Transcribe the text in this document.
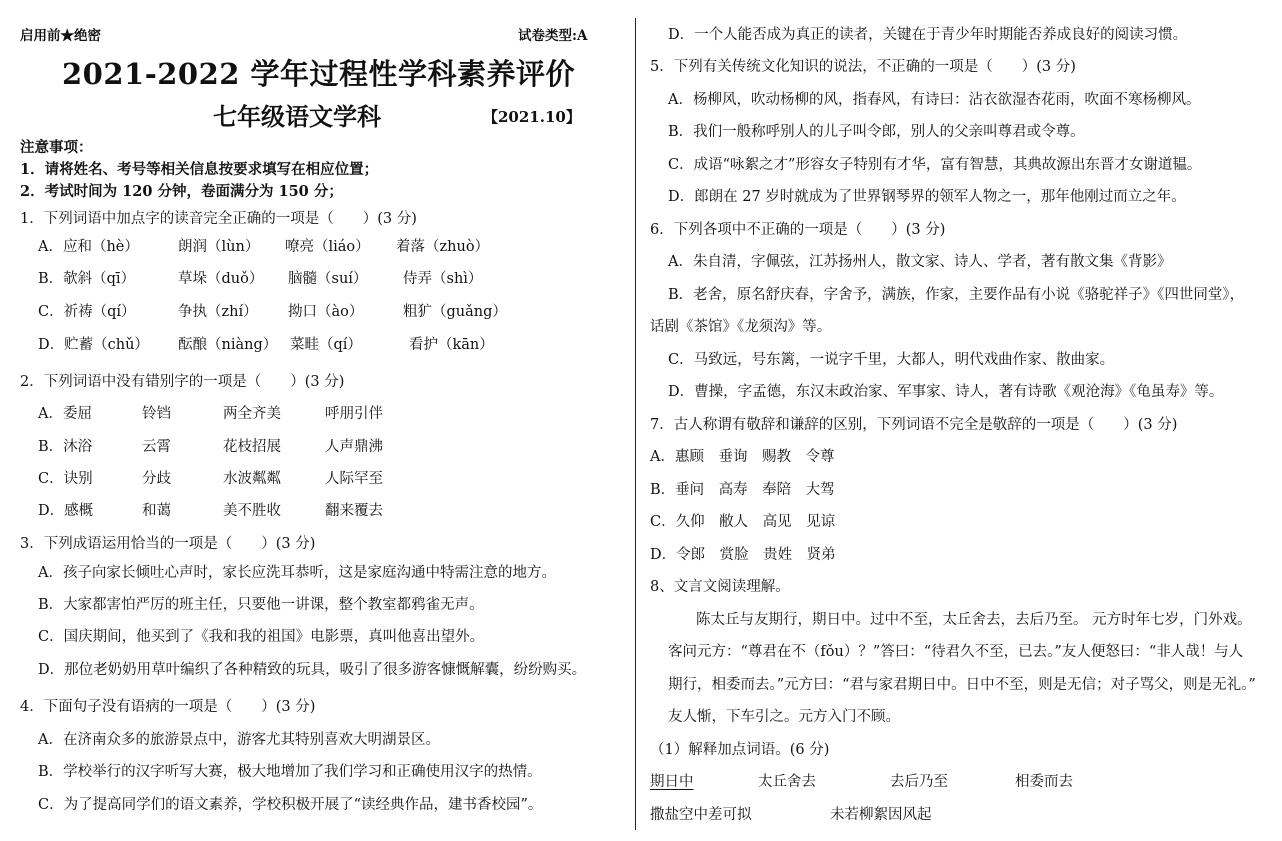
启用前★绝密	试卷类型:A
2021-2022 学年过程性学科素养评价
七年级语文学科	【2021.10】
注意事项：
1．请将姓名、考号等相关信息按要求填写在相应位置；
2．考试时间为 120 分钟，卷面满分为 150 分；
1．下列词语中加点字的读音完全正确的一项是（　　）(3 分)
A．应和（hè）	朗润（lùn） 嘹亮（liáo） 着落（zhuò）
B．欹斜（qī）	草垛（duǒ） 脑髓（suí） 侍弄（shì）
C．祈祷（qí）	争执（zhí） 拗口（ào）	粗犷（guǎng）
D．贮蓄（chǔ） 酝酿（niàng） 菜畦（qí）	看护（kān）
2．下列词语中没有错别字的一项是（　　）(3 分)
A．委屈	铃铛	两全齐美	呼朋引伴
B．沐浴	云霄	花枝招展	人声鼎沸
C．诀别	分歧	水波粼粼	人际罕至
D．感概	和蔼	美不胜收	翻来覆去
3．下列成语运用恰当的一项是（　　）(3 分)
A．孩子向家长倾吐心声时，家长应洗耳恭听，这是家庭沟通中特需注意的地方。
B．大家都害怕严厉的班主任，只要他一讲课，整个教室都鸦雀无声。
C．国庆期间，他买到了《我和我的祖国》电影票，真叫他喜出望外。
D．那位老奶奶用草叶编织了各种精致的玩具，吸引了很多游客慷慨解囊，纷纷购买。
4．下面句子没有语病的一项是（　　）(3 分)
A．在济南众多的旅游景点中，游客尤其特别喜欢大明湖景区。
B．学校举行的汉字听写大赛，极大地增加了我们学习和正确使用汉字的热情。
C．为了提高同学们的语文素养，学校积极开展了“读经典作品，建书香校园”。
D．一个人能否成为真正的读者，关键在于青少年时期能否养成良好的阅读习惯。
5．下列有关传统文化知识的说法，不正确的一项是（　　）(3 分)
A．杨柳风，吹动杨柳的风，指春风，有诗曰：沾衣欲湿杏花雨，吹面不寒杨柳风。
B．我们一般称呼别人的儿子叫令郎，别人的父亲叫尊君或令尊。
C．成语“咏絮之才”形容女子特别有才华，富有智慧，其典故源出东晋才女谢道韫。
D．郎朗在 27 岁时就成为了世界钢琴界的领军人物之一，那年他刚过而立之年。
6．下列各项中不正确的一项是（　　）(3 分)
A．朱自清，字佩弦，江苏扬州人，散文家、诗人、学者，著有散文集《背影》
B．老舍，原名舒庆春，字舍予，满族，作家，主要作品有小说《骆驼祥子》《四世同堂》，
话剧《茶馆》《龙须沟》等。
C．马致远，号东篱，一说字千里，大都人，明代戏曲作家、散曲家。
D．曹操，字孟德，东汉末政治家、军事家、诗人，著有诗歌《观沧海》《龟虽寿》等。
7．古人称谓有敬辞和谦辞的区别，下列词语不完全是敬辞的一项是（　　）(3 分)
A．惠顾　垂询　赐教　令尊
B．垂问　高寿　奉陪　大驾
C．久仰　敝人　高见　见谅
D．令郎　赏脸　贵姓　贤弟
8、文言文阅读理解。
陈太丘与友期行，期日中。过中不至，太丘舍去，去后乃至。 元方时年七岁，门外戏。
客问元方：“尊君在不（fǒu）？”答曰：“待君久不至，已去。”友人便怒曰：“非人哉！与人
期行，相委而去。”元方曰：“君与家君期日中。日中不至，则是无信；对子骂父，则是无礼。”
友人惭，下车引之。元方入门不顾。
（1）解释加点词语。(6 分)
期日中	太丘舍去	去后乃至	相委而去
撒盐空中差可拟	未若柳絮因风起
